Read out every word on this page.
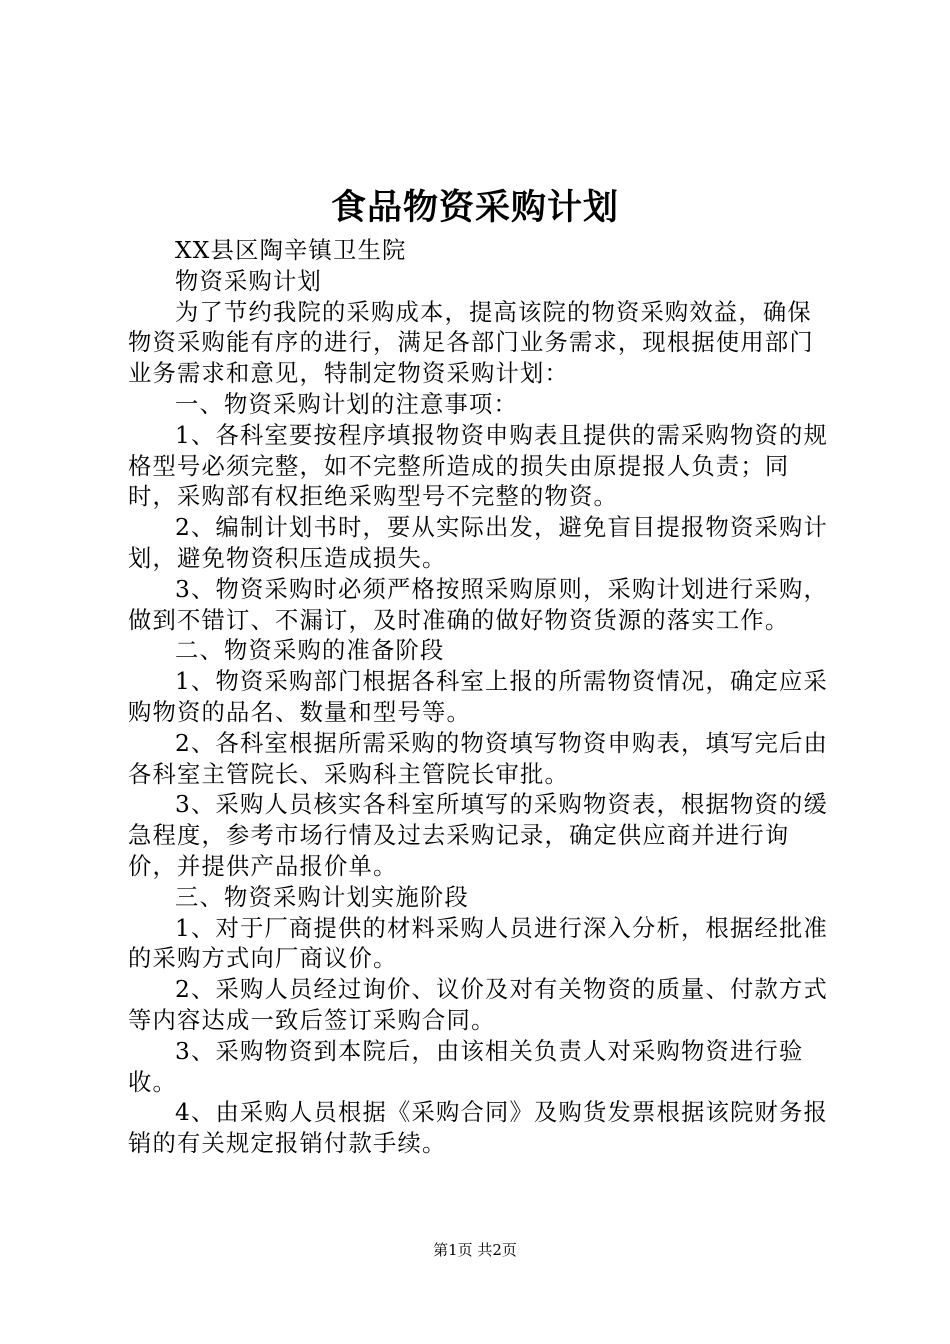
食品物资采购计划

XX县区陶辛镇卫生院

物资采购计划

为了节约我院的采购成本，提高该院的物资采购效益，确保物资采购能有序的进行，满足各部门业务需求，现根据使用部门业务需求和意见，特制定物资采购计划：

一、物资采购计划的注意事项：

1、各科室要按程序填报物资申购表且提供的需采购物资的规格型号必须完整，如不完整所造成的损失由原提报人负责；同时，采购部有权拒绝采购型号不完整的物资。

2、编制计划书时，要从实际出发，避免盲目提报物资采购计划，避免物资积压造成损失。

3、物资采购时必须严格按照采购原则，采购计划进行采购，做到不错订、不漏订，及时准确的做好物资货源的落实工作。

二、物资采购的准备阶段

1、物资采购部门根据各科室上报的所需物资情况，确定应采购物资的品名、数量和型号等。

2、各科室根据所需采购的物资填写物资申购表，填写完后由各科室主管院长、采购科主管院长审批。

3、采购人员核实各科室所填写的采购物资表，根据物资的缓急程度，参考市场行情及过去采购记录，确定供应商并进行询价，并提供产品报价单。

三、物资采购计划实施阶段

1、对于厂商提供的材料采购人员进行深入分析，根据经批准的采购方式向厂商议价。

2、采购人员经过询价、议价及对有关物资的质量、付款方式等内容达成一致后签订采购合同。

3、采购物资到本院后，由该相关负责人对采购物资进行验收。

4、由采购人员根据《采购合同》及购货发票根据该院财务报销的有关规定报销付款手续。

第1页 共2页
